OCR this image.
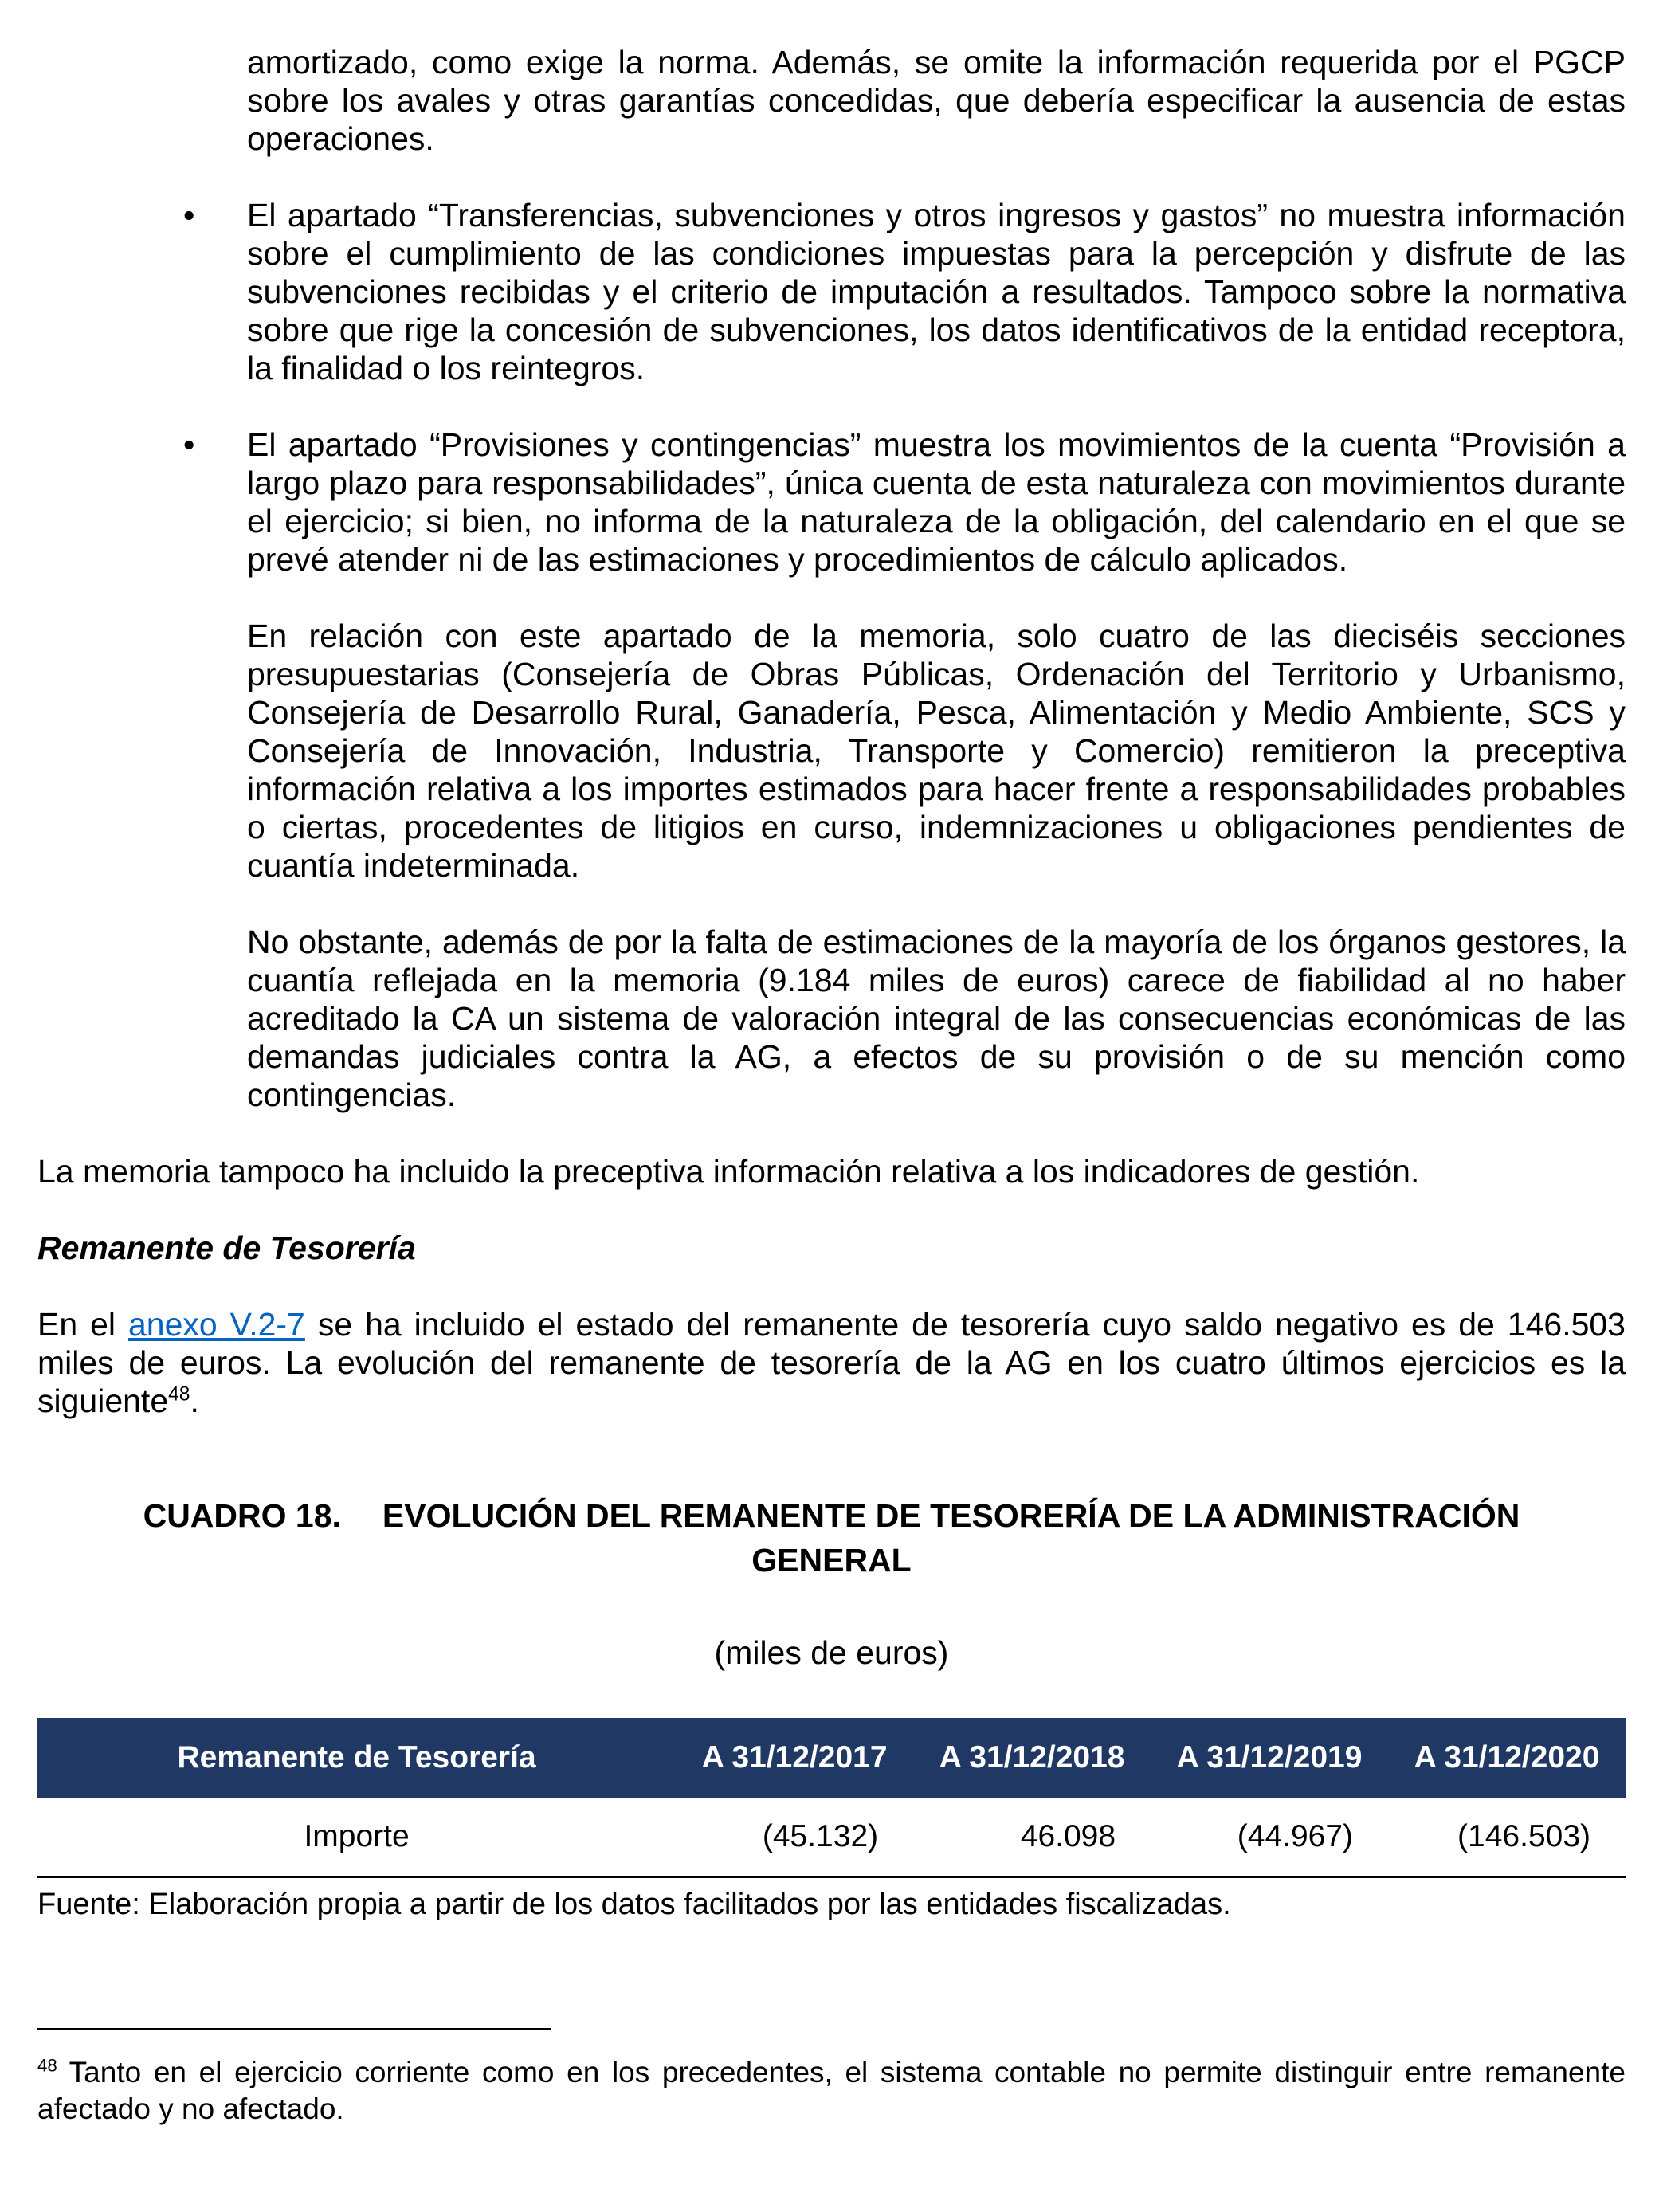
amortizado, como exige la norma. Además, se omite la información requerida por el PGCP sobre los avales y otras garantías concedidas, que debería especificar la ausencia de estas operaciones.

•	El apartado “Transferencias, subvenciones y otros ingresos y gastos” no muestra información sobre el cumplimiento de las condiciones impuestas para la percepción y disfrute de las subvenciones recibidas y el criterio de imputación a resultados. Tampoco sobre la normativa sobre que rige la concesión de subvenciones, los datos identificativos de la entidad receptora, la finalidad o los reintegros.

•	El apartado “Provisiones y contingencias” muestra los movimientos de la cuenta “Provisión a largo plazo para responsabilidades”, única cuenta de esta naturaleza con movimientos durante el ejercicio; si bien, no informa de la naturaleza de la obligación, del calendario en el que se prevé atender ni de las estimaciones y procedimientos de cálculo aplicados.

En relación con este apartado de la memoria, solo cuatro de las dieciséis secciones presupuestarias (Consejería de Obras Públicas, Ordenación del Territorio y Urbanismo, Consejería de Desarrollo Rural, Ganadería, Pesca, Alimentación y Medio Ambiente, SCS y Consejería de Innovación, Industria, Transporte y Comercio) remitieron la preceptiva información relativa a los importes estimados para hacer frente a responsabilidades probables o ciertas, procedentes de litigios en curso, indemnizaciones u obligaciones pendientes de cuantía indeterminada.

No obstante, además de por la falta de estimaciones de la mayoría de los órganos gestores, la cuantía reflejada en la memoria (9.184 miles de euros) carece de fiabilidad al no haber acreditado la CA un sistema de valoración integral de las consecuencias económicas de las demandas judiciales contra la AG, a efectos de su provisión o de su mención como contingencias.

La memoria tampoco ha incluido la preceptiva información relativa a los indicadores de gestión.

Remanente de Tesorería

En el anexo V.2-7 se ha incluido el estado del remanente de tesorería cuyo saldo negativo es de 146.503 miles de euros. La evolución del remanente de tesorería de la AG en los cuatro últimos ejercicios es la siguiente$^{48}$.

CUADRO 18. EVOLUCIÓN DEL REMANENTE DE TESORERÍA DE LA ADMINISTRACIÓN GENERAL
(miles de euros)
Remanente de Tesorería	A 31/12/2017	A 31/12/2018	A 31/12/2019	A 31/12/2020
Importe	(45.132)	46.098	(44.967)	(146.503)

Fuente: Elaboración propia a partir de los datos facilitados por las entidades fiscalizadas.

$^{48}$ Tanto en el ejercicio corriente como en los precedentes, el sistema contable no permite distinguir entre remanente afectado y no afectado.
